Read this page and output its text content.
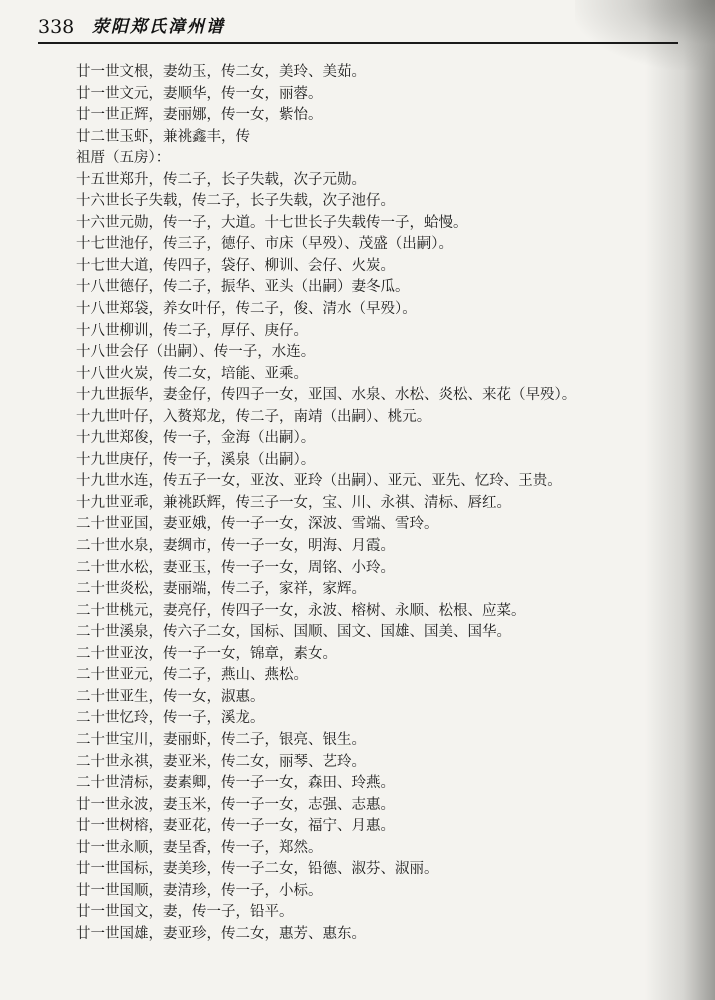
338 荥阳郑氏漳州谱
廿一世文根，妻幼玉，传二女，美玲、美茹。
廿一世文元，妻顺华，传一女，丽蓉。
廿一世正辉，妻丽娜，传一女，紫怡。
廿二世玉虾，兼祧鑫丰，传
祖厝（五房）：
十五世郑升，传二子，长子失载，次子元勋。
十六世长子失载，传二子，长子失载，次子池仔。
十六世元勋，传一子，大道。十七世长子失载传一子，蛤慢。
十七世池仔，传三子，德仔、市床（早殁）、茂盛（出嗣）。
十七世大道，传四子，袋仔、柳训、会仔、火炭。
十八世德仔，传二子，振华、亚头（出嗣）妻冬瓜。
十八世郑袋，养女叶仔，传二子，俊、清水（早殁）。
十八世柳训，传二子，厚仔、庚仔。
十八世会仔（出嗣）、传一子，水连。
十八世火炭，传二女，培能、亚乘。
十九世振华，妻金仔，传四子一女，亚国、水泉、水松、炎松、来花（早殁）。
十九世叶仔，入赘郑龙，传二子，南靖（出嗣）、桃元。
十九世郑俊，传一子，金海（出嗣）。
十九世庚仔，传一子，溪泉（出嗣）。
十九世水连，传五子一女，亚汝、亚玲（出嗣）、亚元、亚先、忆玲、王贵。
十九世亚乖，兼祧跃辉，传三子一女，宝、川、永祺、清标、唇红。
二十世亚国，妻亚娥，传一子一女，深波、雪端、雪玲。
二十世水泉，妻绸市，传一子一女，明海、月霞。
二十世水松，妻亚玉，传一子一女，周铭、小玲。
二十世炎松，妻丽端，传二子，家祥，家辉。
二十世桃元，妻亮仔，传四子一女，永波、榕树、永顺、松根、应菜。
二十世溪泉，传六子二女，国标、国顺、国文、国雄、国美、国华。
二十世亚汝，传一子一女，锦章，素女。
二十世亚元，传二子，燕山、燕松。
二十世亚生，传一女，淑惠。
二十世忆玲，传一子，溪龙。
二十世宝川，妻丽虾，传二子，银亮、银生。
二十世永祺，妻亚米，传二女，丽琴、艺玲。
二十世清标，妻素卿，传一子一女，森田、玲燕。
廿一世永波，妻玉米，传一子一女，志强、志惠。
廿一世树榕，妻亚花，传一子一女，福宁、月惠。
廿一世永顺，妻呈香，传一子，郑然。
廿一世国标，妻美珍，传一子二女，铅德、淑芬、淑丽。
廿一世国顺，妻清珍，传一子，小标。
廿一世国文，妻，传一子，铅平。
廿一世国雄，妻亚珍，传二女，惠芳、惠东。
